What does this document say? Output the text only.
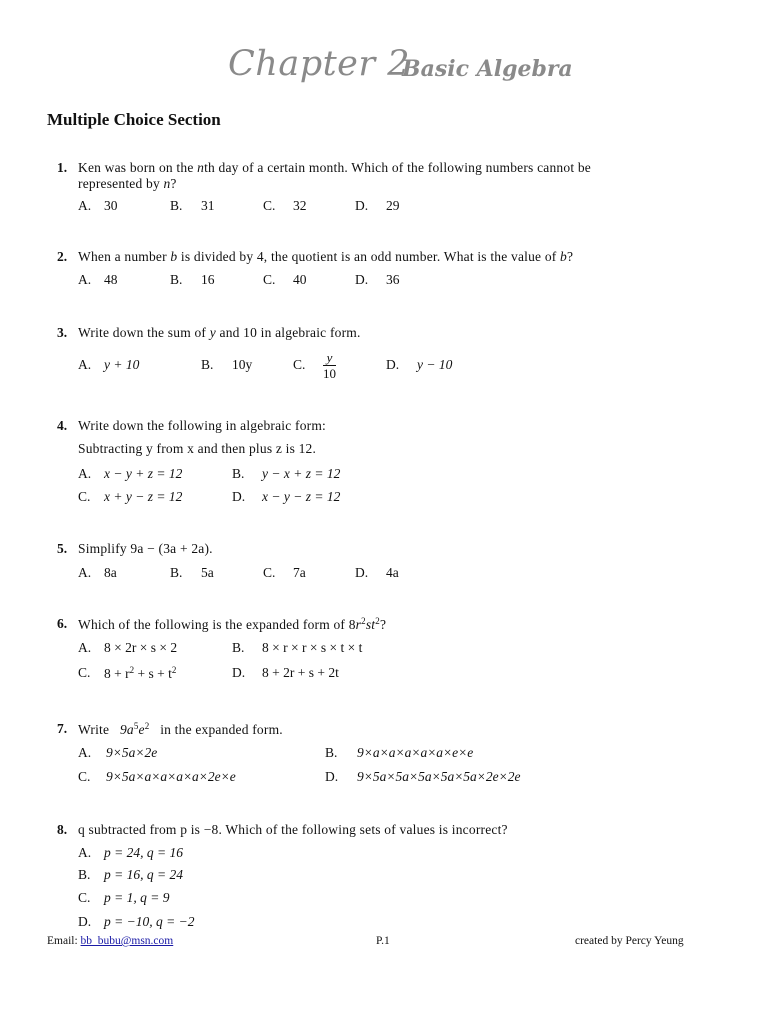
Chapter 2
Basic Algebra
Multiple Choice Section
1. Ken was born on the nth day of a certain month. Which of the following numbers cannot be
represented by n?
A. 30	B. 31	C. 32	D. 29
2. When a number b is divided by 4, the quotient is an odd number. What is the value of b?
A. 48	B. 16	C. 40	D. 36
3. Write down the sum of y and 10 in algebraic form.
A. y + 10	B. 10y	C. $\frac{y}{10}$	D. y − 10
4. Write down the following in algebraic form:
Subtracting y from x and then plus z is 12.
A. x − y + z = 12	B. y − x + z = 12
C. x + y − z = 12	D. x − y − z = 12
5. Simplify 9a − (3a + 2a).
A. 8a	B. 5a	C. 7a	D. 4a
6. Which of the following is the expanded form of $8r^2st^2$?
A. 8 × 2r × s × 2	B. 8 × r × r × s × t × t
C. $8 + r^2 + s + t^2$	D. 8 + 2r + s + 2t
7. Write $9a^5e^2$ in the expanded form.
A. 9×5a×2e	B. 9×a×a×a×a×a×e×e
C. 9×5a×a×a×a×a×2e×e	D. 9×5a×5a×5a×5a×5a×2e×2e
8. q subtracted from p is −8. Which of the following sets of values is incorrect?
A. p = 24, q = 16
B. p = 16, q = 24
C. p = 1, q = 9
D. p = −10, q = −2
Email: bb_bubu@msn.com	P.1	created by Percy Yeung
